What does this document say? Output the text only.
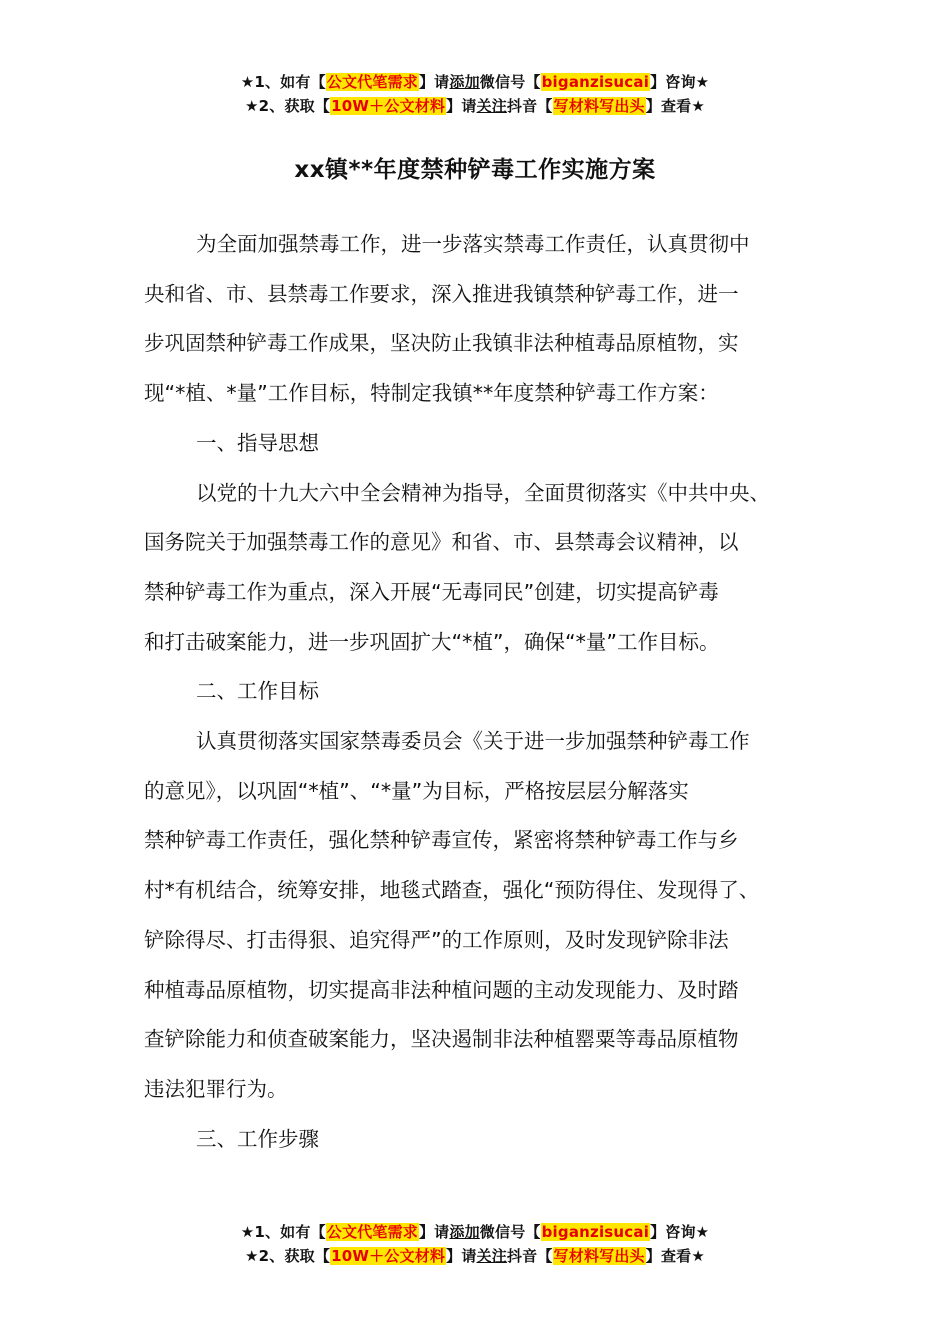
★1、如有【公文代笔需求】请添加微信号【biganzisucai】咨询★
★2、获取【10W＋公文材料】请关注抖音【写材料写出头】查看★
xx镇**年度禁种铲毒工作实施方案

为全面加强禁毒工作，进一步落实禁毒工作责任，认真贯彻中
央和省、市、县禁毒工作要求，深入推进我镇禁种铲毒工作，进一
步巩固禁种铲毒工作成果，坚决防止我镇非法种植毒品原植物，实
现“*植、*量”工作目标，特制定我镇**年度禁种铲毒工作方案：

一、指导思想

以党的十九大六中全会精神为指导，全面贯彻落实《中共中央、
国务院关于加强禁毒工作的意见》和省、市、县禁毒会议精神，以
禁种铲毒工作为重点，深入开展“无毒同民”创建，切实提高铲毒
和打击破案能力，进一步巩固扩大“*植”，确保“*量”工作目标。

二、工作目标

认真贯彻落实国家禁毒委员会《关于进一步加强禁种铲毒工作
的意见》，以巩固“*植”、“*量”为目标，严格按层层分解落实
禁种铲毒工作责任，强化禁种铲毒宣传，紧密将禁种铲毒工作与乡
村*有机结合，统筹安排，地毯式踏查，强化“预防得住、发现得了、
铲除得尽、打击得狠、追究得严”的工作原则，及时发现铲除非法
种植毒品原植物，切实提高非法种植问题的主动发现能力、及时踏
查铲除能力和侦查破案能力，坚决遏制非法种植罂粟等毒品原植物
违法犯罪行为。

三、工作步骤

★1、如有【公文代笔需求】请添加微信号【biganzisucai】咨询★
★2、获取【10W＋公文材料】请关注抖音【写材料写出头】查看★
